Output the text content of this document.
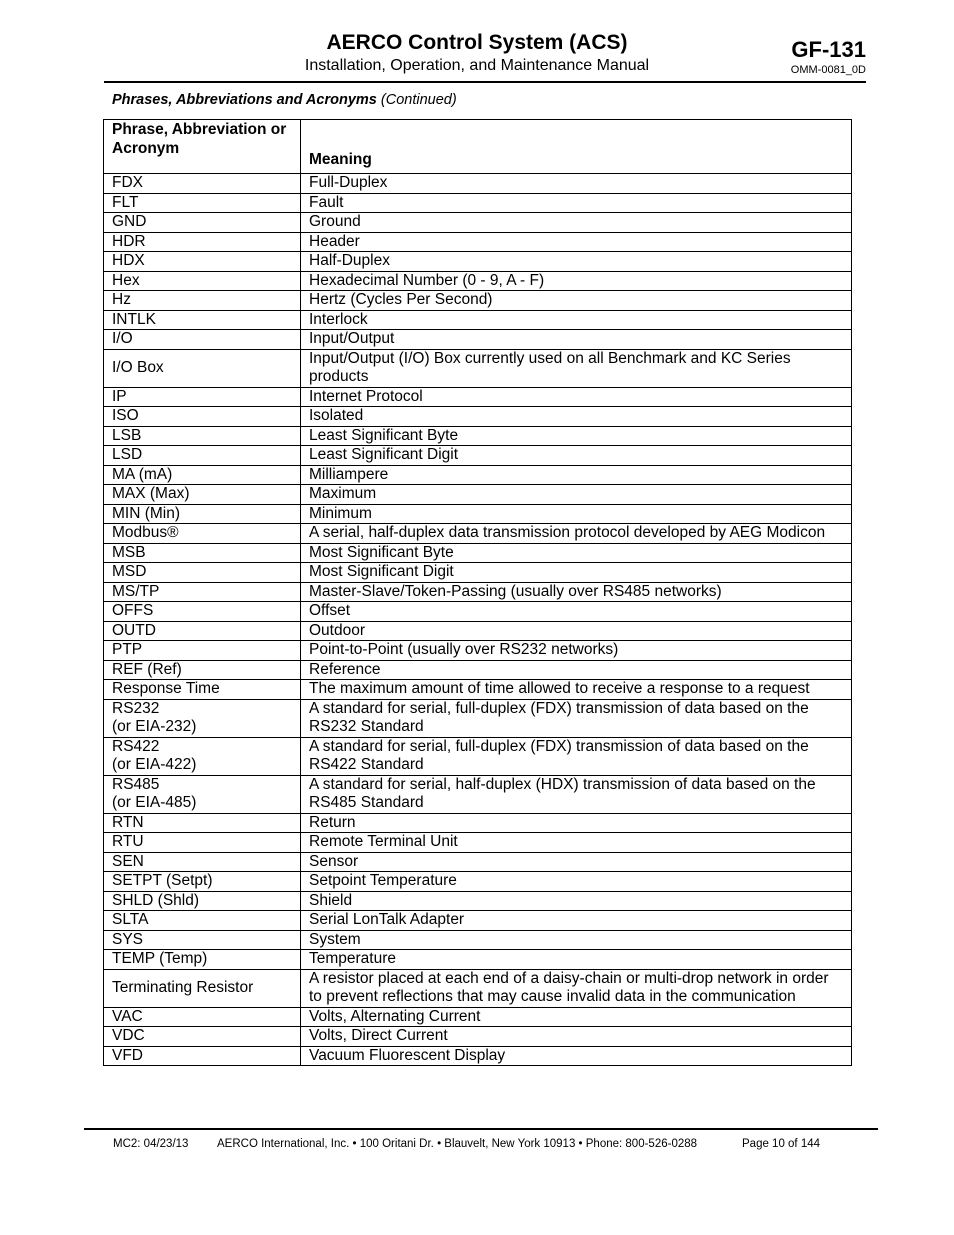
AERCO Control System (ACS)
Installation, Operation, and Maintenance Manual
GF-131
OMM-0081_0D
Phrases, Abbreviations and Acronyms (Continued)
Phrase, Abbreviation or Acronym	Meaning
FDX	Full-Duplex
FLT	Fault
GND	Ground
HDR	Header
HDX	Half-Duplex
Hex	Hexadecimal Number (0 - 9, A - F)
Hz	Hertz (Cycles Per Second)
INTLK	Interlock
I/O	Input/Output
I/O Box	Input/Output (I/O) Box currently used on all Benchmark and KC Series products
IP	Internet Protocol
ISO	Isolated
LSB	Least Significant Byte
LSD	Least Significant Digit
MA (mA)	Milliampere
MAX (Max)	Maximum
MIN (Min)	Minimum
Modbus®	A serial, half-duplex data transmission protocol developed by AEG Modicon
MSB	Most Significant Byte
MSD	Most Significant Digit
MS/TP	Master-Slave/Token-Passing (usually over RS485 networks)
OFFS	Offset
OUTD	Outdoor
PTP	Point-to-Point (usually over RS232 networks)
REF (Ref)	Reference
Response Time	The maximum amount of time allowed to receive a response to a request
RS232
(or EIA-232)	A standard for serial, full-duplex (FDX) transmission of data based on the RS232 Standard
RS422
(or EIA-422)	A standard for serial, full-duplex (FDX) transmission of data based on the RS422 Standard
RS485
(or EIA-485)	A standard for serial, half-duplex (HDX) transmission of data based on the RS485 Standard
RTN	Return
RTU	Remote Terminal Unit
SEN	Sensor
SETPT (Setpt)	Setpoint Temperature
SHLD (Shld)	Shield
SLTA	Serial LonTalk Adapter
SYS	System
TEMP (Temp)	Temperature
Terminating Resistor	A resistor placed at each end of a daisy-chain or multi-drop network in order to prevent reflections that may cause invalid data in the communication
VAC	Volts, Alternating Current
VDC	Volts, Direct Current
VFD	Vacuum Fluorescent Display
MC2: 04/23/13 AERCO International, Inc. • 100 Oritani Dr. • Blauvelt, New York 10913 • Phone: 800-526-0288	Page 10 of 144
